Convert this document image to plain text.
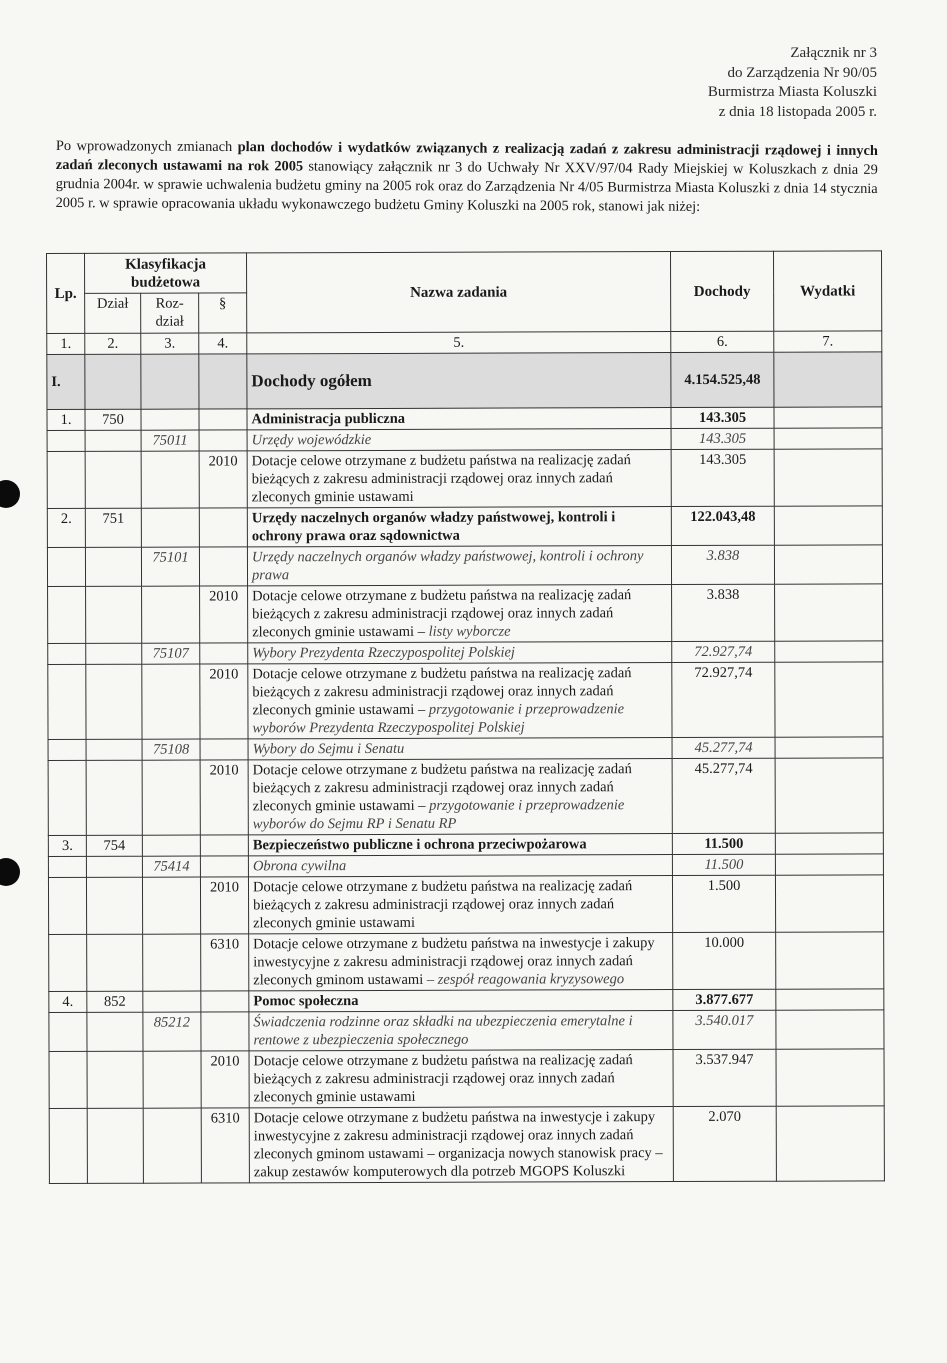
Załącznik nr 3
do Zarządzenia Nr 90/05
Burmistrza Miasta Koluszki
z dnia 18 listopada 2005 r.
Po wprowadzonych zmianach plan dochodów i wydatków związanych z realizacją zadań z zakresu administracji rządowej i innych zadań zleconych ustawami na rok 2005 stanowiący załącznik nr 3 do Uchwały Nr XXV/97/04 Rady Miejskiej w Koluszkach z dnia 29 grudnia 2004r. w sprawie uchwalenia budżetu gminy na 2005 rok oraz do Zarządzenia Nr 4/05 Burmistrza Miasta Koluszki z dnia 14 stycznia 2005 r. w sprawie opracowania układu wykonawczego budżetu Gminy Koluszki na 2005 rok, stanowi jak niżej:
Lp.	Klasyfikacja budżetowa			Nazwa zadania	Dochody	Wydatki
	Dział	Roz-dział	§			
1.	2.	3.	4.	5.	6.	7.
I.				Dochody ogółem	4.154.525,48	
1.	750			Administracja publiczna	143.305	
		75011		Urzędy wojewódzkie	143.305	
			2010	Dotacje celowe otrzymane z budżetu państwa na realizację zadań bieżących z zakresu administracji rządowej oraz innych zadań zleconych gminie ustawami	143.305	
2.	751			Urzędy naczelnych organów władzy państwowej, kontroli i ochrony prawa oraz sądownictwa	122.043,48	
		75101		Urzędy naczelnych organów władzy państwowej, kontroli i ochrony prawa	3.838	
			2010	Dotacje celowe otrzymane z budżetu państwa na realizację zadań bieżących z zakresu administracji rządowej oraz innych zadań zleconych gminie ustawami – listy wyborcze	3.838	
		75107		Wybory Prezydenta Rzeczypospolitej Polskiej	72.927,74	
			2010	Dotacje celowe otrzymane z budżetu państwa na realizację zadań bieżących z zakresu administracji rządowej oraz innych zadań zleconych gminie ustawami – przygotowanie i przeprowadzenie wyborów Prezydenta Rzeczypospolitej Polskiej	72.927,74	
		75108		Wybory do Sejmu i Senatu	45.277,74	
			2010	Dotacje celowe otrzymane z budżetu państwa na realizację zadań bieżących z zakresu administracji rządowej oraz innych zadań zleconych gminie ustawami – przygotowanie i przeprowadzenie wyborów do Sejmu RP i Senatu RP	45.277,74	
3.	754			Bezpieczeństwo publiczne i ochrona przeciwpożarowa	11.500	
		75414		Obrona cywilna	11.500	
			2010	Dotacje celowe otrzymane z budżetu państwa na realizację zadań bieżących z zakresu administracji rządowej oraz innych zadań zleconych gminie ustawami	1.500	
			6310	Dotacje celowe otrzymane z budżetu państwa na inwestycje i zakupy inwestycyjne z zakresu administracji rządowej oraz innych zadań zleconych gminom ustawami – zespół reagowania kryzysowego	10.000	
4.	852			Pomoc społeczna	3.877.677	
		85212		Świadczenia rodzinne oraz składki na ubezpieczenia emerytalne i rentowe z ubezpieczenia społecznego	3.540.017	
			2010	Dotacje celowe otrzymane z budżetu państwa na realizację zadań bieżących z zakresu administracji rządowej oraz innych zadań zleconych gminie ustawami	3.537.947	
			6310	Dotacje celowe otrzymane z budżetu państwa na inwestycje i zakupy inwestycyjne z zakresu administracji rządowej oraz innych zadań zleconych gminom ustawami – organizacja nowych stanowisk pracy – zakup zestawów komputerowych dla potrzeb MGOPS Koluszki	2.070	
